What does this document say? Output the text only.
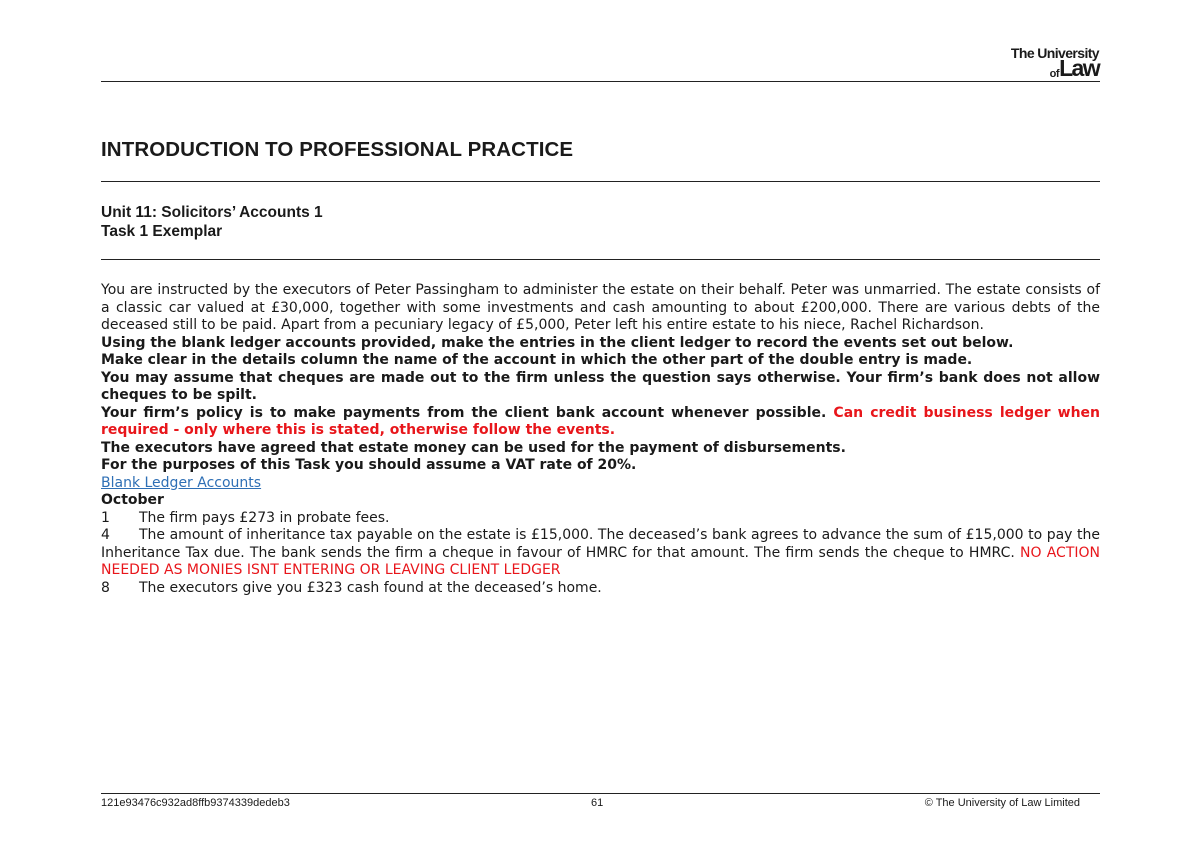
The University
ofLaw
INTRODUCTION TO PROFESSIONAL PRACTICE
Unit 11: Solicitors’ Accounts 1
Task 1 Exemplar

You are instructed by the executors of Peter Passingham to administer the estate on their behalf. Peter was unmarried. The estate consists of a classic car valued at £30,000, together with some investments and cash amounting to about £200,000. There are various debts of the deceased still to be paid. Apart from a pecuniary legacy of £5,000, Peter left his entire estate to his niece, Rachel Richardson.

Using the blank ledger accounts provided, make the entries in the client ledger to record the events set out below.

Make clear in the details column the name of the account in which the other part of the double entry is made.

You may assume that cheques are made out to the firm unless the question says otherwise. Your firm’s bank does not allow cheques to be spilt.

Your firm’s policy is to make payments from the client bank account whenever possible. Can credit business ledger when required - only where this is stated, otherwise follow the events.

The executors have agreed that estate money can be used for the payment of disbursements.

For the purposes of this Task you should assume a VAT rate of 20%.

Blank Ledger Accounts

October

1 The firm pays £273 in probate fees.

4 The amount of inheritance tax payable on the estate is £15,000. The deceased’s bank agrees to advance the sum of £15,000 to pay the Inheritance Tax due. The bank sends the firm a cheque in favour of HMRC for that amount. The firm sends the cheque to HMRC. NO ACTION NEEDED AS MONIES ISNT ENTERING OR LEAVING CLIENT LEDGER

8 The executors give you £323 cash found at the deceased’s home.

121e93476c932ad8ffb9374339dedeb3	61	© The University of Law Limited
